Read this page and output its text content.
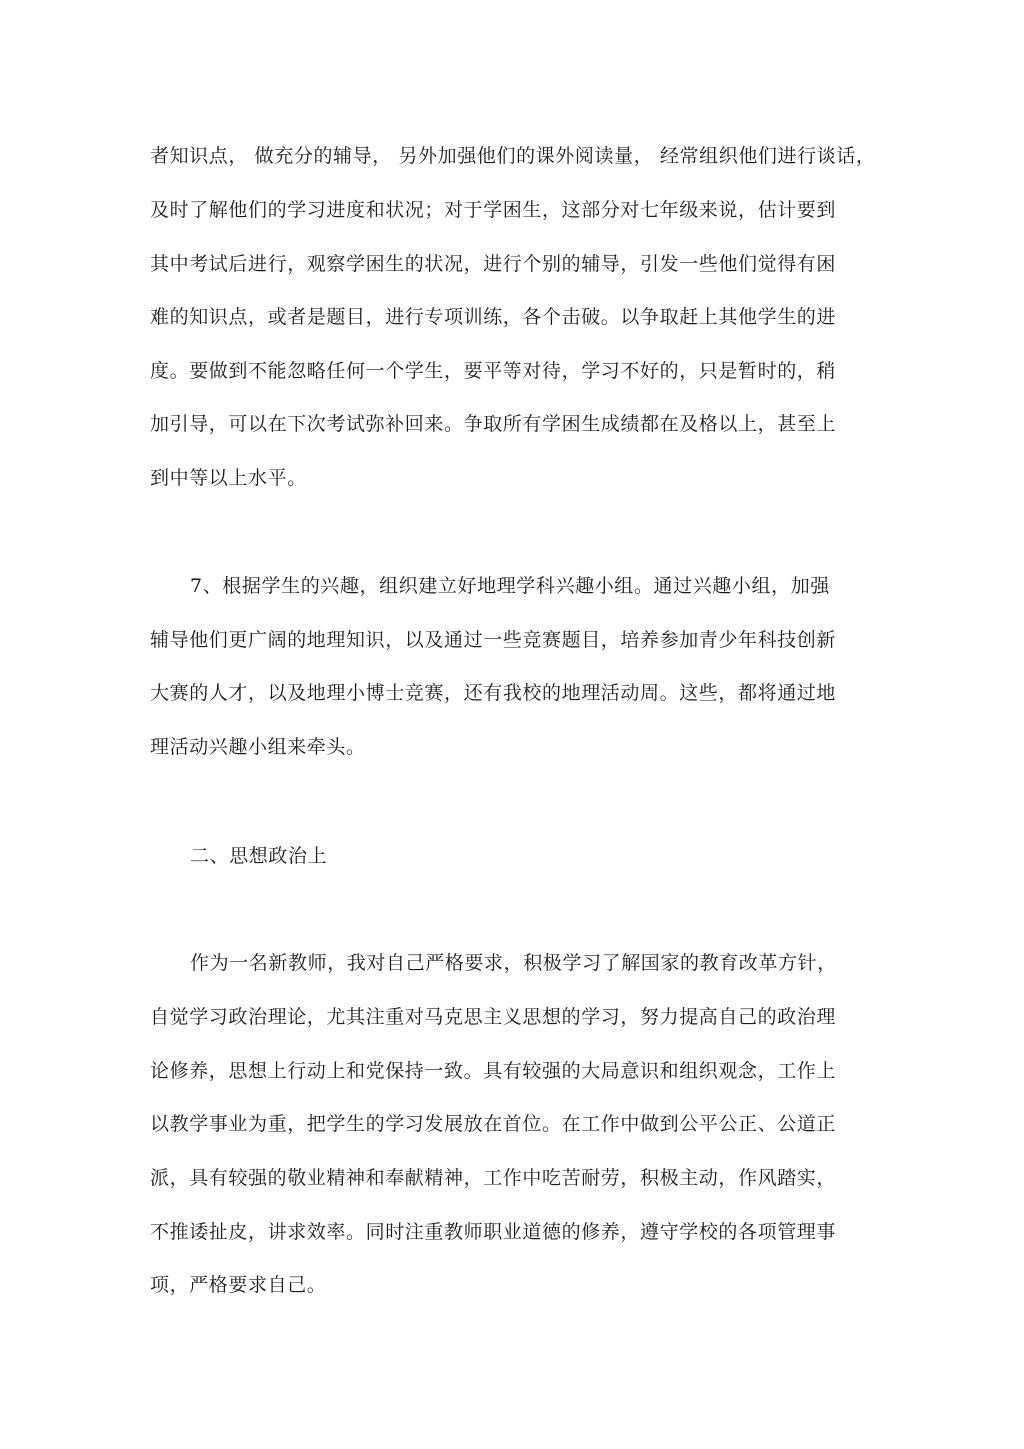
者知识点， 做充分的辅导， 另外加强他们的课外阅读量， 经常组织他们进行谈话，
及时了解他们的学习进度和状况；对于学困生，这部分对七年级来说，估计要到
其中考试后进行，观察学困生的状况，进行个别的辅导，引发一些他们觉得有困
难的知识点，或者是题目，进行专项训练，各个击破。以争取赶上其他学生的进
度。要做到不能忽略任何一个学生，要平等对待，学习不好的，只是暂时的，稍
加引导，可以在下次考试弥补回来。争取所有学困生成绩都在及格以上，甚至上
到中等以上水平。
7、根据学生的兴趣，组织建立好地理学科兴趣小组。通过兴趣小组，加强
辅导他们更广阔的地理知识，以及通过一些竞赛题目，培养参加青少年科技创新
大赛的人才，以及地理小博士竞赛，还有我校的地理活动周。这些，都将通过地
理活动兴趣小组来牵头。
二、思想政治上
作为一名新教师，我对自己严格要求，积极学习了解国家的教育改革方针，
自觉学习政治理论，尤其注重对马克思主义思想的学习，努力提高自己的政治理
论修养，思想上行动上和党保持一致。具有较强的大局意识和组织观念，工作上
以教学事业为重，把学生的学习发展放在首位。在工作中做到公平公正、公道正
派，具有较强的敬业精神和奉献精神，工作中吃苦耐劳，积极主动，作风踏实，
不推诿扯皮，讲求效率。同时注重教师职业道德的修养，遵守学校的各项管理事
项，严格要求自己。
